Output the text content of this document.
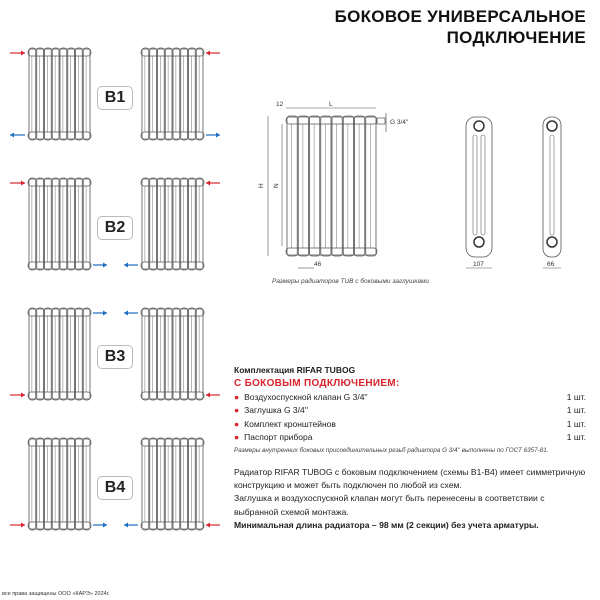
L
12
G 3/4''
H N
46	107	66
БОКОВОЕ УНИВЕРСАЛЬНОЕ
ПОДКЛЮЧЕНИЕ
B1
B2
B3
B4
Размеры радиаторов TUB с боковыми заглушками
Комплектация RIFAR TUBOG
С БОКОВЫМ ПОДКЛЮЧЕНИЕМ:
● Воздухоспускной клапан G 3/4''	1 шт.
● Заглушка G 3/4''	1 шт.
● Комплект кронштейнов	1 шт.
● Паспорт прибора	1 шт.
Размеры внутренних боковых присоединительных резьб радиатора G 3/4'' выполнены по ГОСТ 6357-81.
Радиатор RIFAR TUBOG с боковым подключением (схемы B1-B4) имеет симметричную конструкцию и может быть подключен по любой из схем.
Заглушка и воздухоспускной клапан могут быть перенесены в соответствии с выбранной схемой монтажа.
Минимальная длина радиатора – 98 мм (2 секции) без учета арматуры.
все права защищены ООО «КАРЭ» 2024г.
